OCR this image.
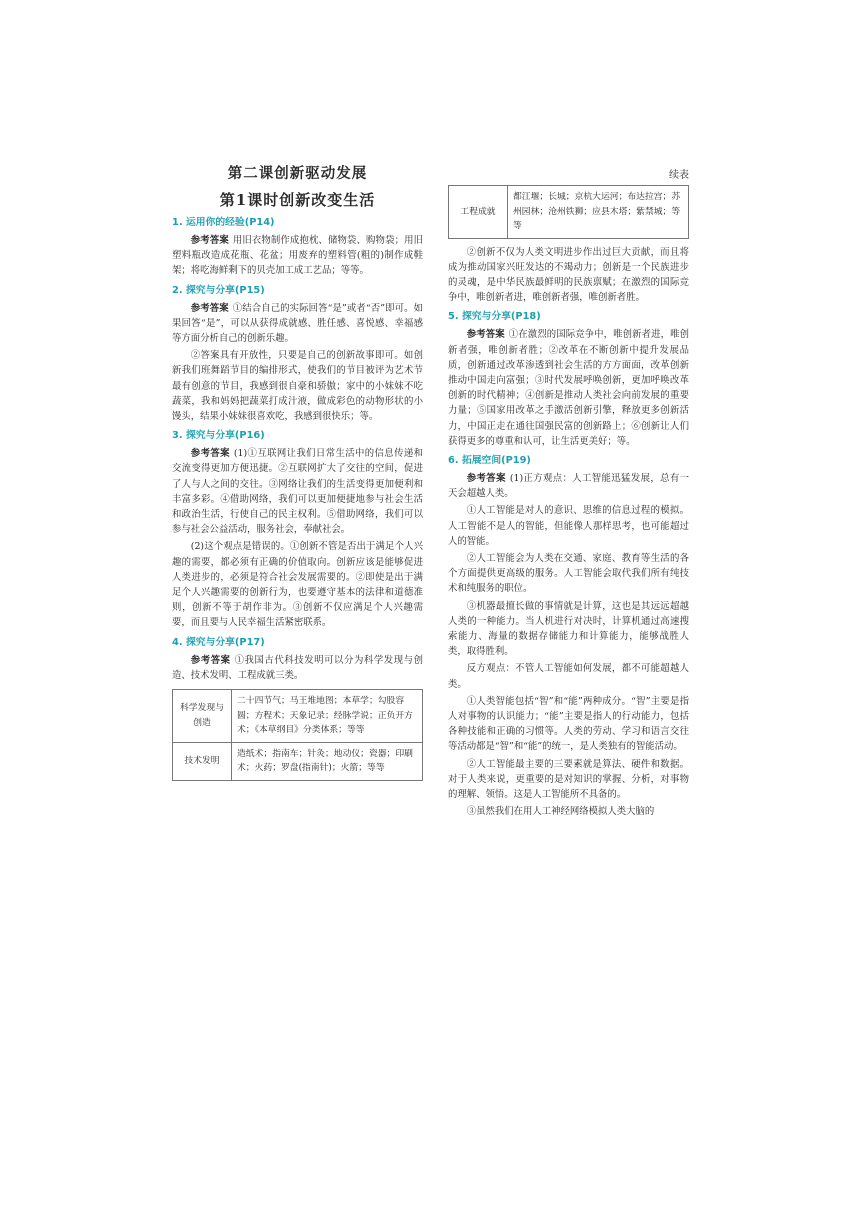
第二课创新驱动发展
第1课时创新改变生活
1. 运用你的经验(P14)

参考答案 用旧衣物制作成抱枕、储物袋、购物袋；用旧塑料瓶改造成花瓶、花盆；用废弃的塑料管(粗的)制作成鞋架；将吃海鲜剩下的贝壳加工成工艺品；等等。

2. 探究与分享(P15)

参考答案 ①结合自己的实际回答“是”或者“否”即可。如果回答“是”，可以从获得成就感、胜任感、喜悦感、幸福感等方面分析自己的创新乐趣。

②答案具有开放性，只要是自己的创新故事即可。如创新我们班舞蹈节目的编排形式，使我们的节目被评为艺术节最有创意的节目，我感到很自豪和骄傲；家中的小妹妹不吃蔬菜，我和妈妈把蔬菜打成汁液，做成彩色的动物形状的小馒头，结果小妹妹很喜欢吃，我感到很快乐；等。

3. 探究与分享(P16)

参考答案 (1)①互联网让我们日常生活中的信息传递和交流变得更加方便迅捷。②互联网扩大了交往的空间，促进了人与人之间的交往。③网络让我们的生活变得更加便利和丰富多彩。④借助网络，我们可以更加便捷地参与社会生活和政治生活，行使自己的民主权利。⑤借助网络，我们可以参与社会公益活动，服务社会，奉献社会。

(2)这个观点是错误的。①创新不管是否出于满足个人兴趣的需要，都必须有正确的价值取向。创新应该是能够促进人类进步的，必须是符合社会发展需要的。②即使是出于满足个人兴趣需要的创新行为，也要遵守基本的法律和道德准则，创新不等于胡作非为。③创新不仅应满足个人兴趣需要，而且要与人民幸福生活紧密联系。

4. 探究与分享(P17)

参考答案 ①我国古代科技发明可以分为科学发现与创造、技术发明、工程成就三类。

科学发现与创造	二十四节气；马王堆地图；本草学；勾股容圆；方程术；天象记录；经脉学说；正负开方术；《本草纲目》分类体系；等等
技术发明	造纸术；指南车；针灸；地动仪；瓷器；印刷术；火药；罗盘(指南针)；火箭；等等
续表
工程成就	都江堰；长城；京杭大运河；布达拉宫；苏州园林；沧州铁狮；应县木塔；紫禁城；等等

②创新不仅为人类文明进步作出过巨大贡献，而且将成为推动国家兴旺发达的不竭动力；创新是一个民族进步的灵魂，是中华民族最鲜明的民族禀赋；在激烈的国际竞争中，唯创新者进，唯创新者强，唯创新者胜。

5. 探究与分享(P18)

参考答案 ①在激烈的国际竞争中，唯创新者进，唯创新者强，唯创新者胜；②改革在不断创新中提升发展品质，创新通过改革渗透到社会生活的方方面面，改革创新推动中国走向富强；③时代发展呼唤创新，更加呼唤改革创新的时代精神；④创新是推动人类社会向前发展的重要力量；⑤国家用改革之手激活创新引擎，释放更多创新活力，中国正走在通往国强民富的创新路上；⑥创新让人们获得更多的尊重和认可，让生活更美好；等。

6. 拓展空间(P19)

参考答案 (1)正方观点：人工智能迅猛发展，总有一天会超越人类。

①人工智能是对人的意识、思维的信息过程的模拟。人工智能不是人的智能，但能像人那样思考，也可能超过人的智能。

②人工智能会为人类在交通、家庭、教育等生活的各个方面提供更高级的服务。人工智能会取代我们所有纯技术和纯服务的职位。

③机器最擅长做的事情就是计算，这也是其远远超越人类的一种能力。当人机进行对决时，计算机通过高速搜索能力、海量的数据存储能力和计算能力，能够战胜人类，取得胜利。

反方观点：不管人工智能如何发展，都不可能超越人类。

①人类智能包括“智”和“能”两种成分。“智”主要是指人对事物的认识能力；“能”主要是指人的行动能力，包括各种技能和正确的习惯等。人类的劳动、学习和语言交往等活动都是“智”和“能”的统一，是人类独有的智能活动。

②人工智能最主要的三要素就是算法、硬件和数据。对于人类来说，更重要的是对知识的掌握、分析，对事物的理解、领悟。这是人工智能所不具备的。

③虽然我们在用人工神经网络模拟人类大脑的
